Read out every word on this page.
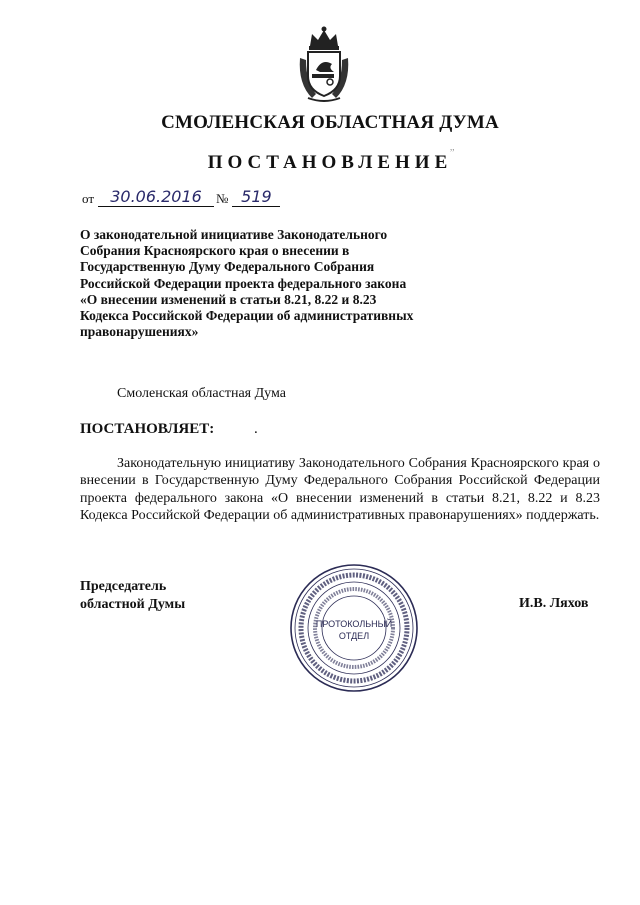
,,
СМОЛЕНСКАЯ ОБЛАСТНАЯ ДУМА
ПОСТАНОВЛЕНИЕ
от	30.06.2016	№ 519
О законодательной инициативе Законодательного
Собрания Красноярского края о внесении в
Государственную Думу Федерального Собрания
Российской Федерации проекта федерального закона
«О внесении изменений в статьи 8.21, 8.22 и 8.23
Кодекса Российской Федерации об административных
правонарушениях»
Смоленская областная Дума
ПОСТАНОВЛЯЕТ:	.
Законодательную инициативу Законодательного Собрания Красноярского края о внесении в Государственную Думу Федерального Собрания Российской Федерации проекта федерального закона «О внесении изменений в статьи 8.21, 8.22 и 8.23 Кодекса Российской Федерации об административных правонарушениях» поддержать.
Председатель
областной Думы
ПРОТОКОЛЬНЫЙ
ОТДЕЛ
И.В. Ляхов
